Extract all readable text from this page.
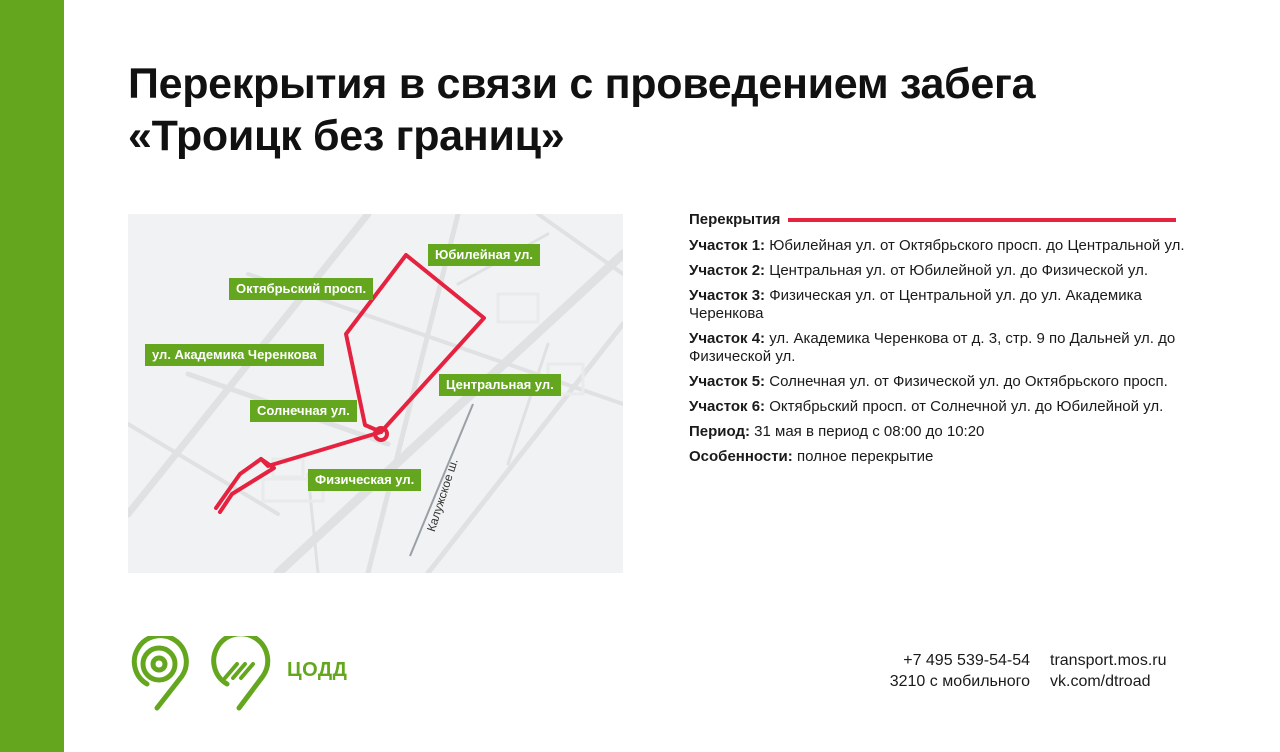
Перекрытия в связи с проведением забега
«Троицк без границ»
Юбилейная ул.
Октябрьский просп.
ул. Академика Черенкова
Центральная ул.
Солнечная ул.
Физическая ул. Калужское ш.
Перекрытия
Участок 1: Юбилейная ул. от Октябрьского просп. до Центральной ул.
Участок 2: Центральная ул. от Юбилейной ул. до Физической ул.
Участок 3: Физическая ул. от Центральной ул. до ул. Академика Черенкова
Участок 4: ул. Академика Черенкова от д. 3, стр. 9 по Дальней ул. до Физической ул.
Участок 5: Солнечная ул. от Физической ул. до Октябрьского просп.
Участок 6: Октябрьский просп. от Солнечной ул. до Юбилейной ул.
Период: 31 мая в период с 08:00 до 10:20
Особенности: полное перекрытие
ЦОДД	+7 495 539-54-54
3210 с мобильного
transport.mos.ru
vk.com/dtroad
